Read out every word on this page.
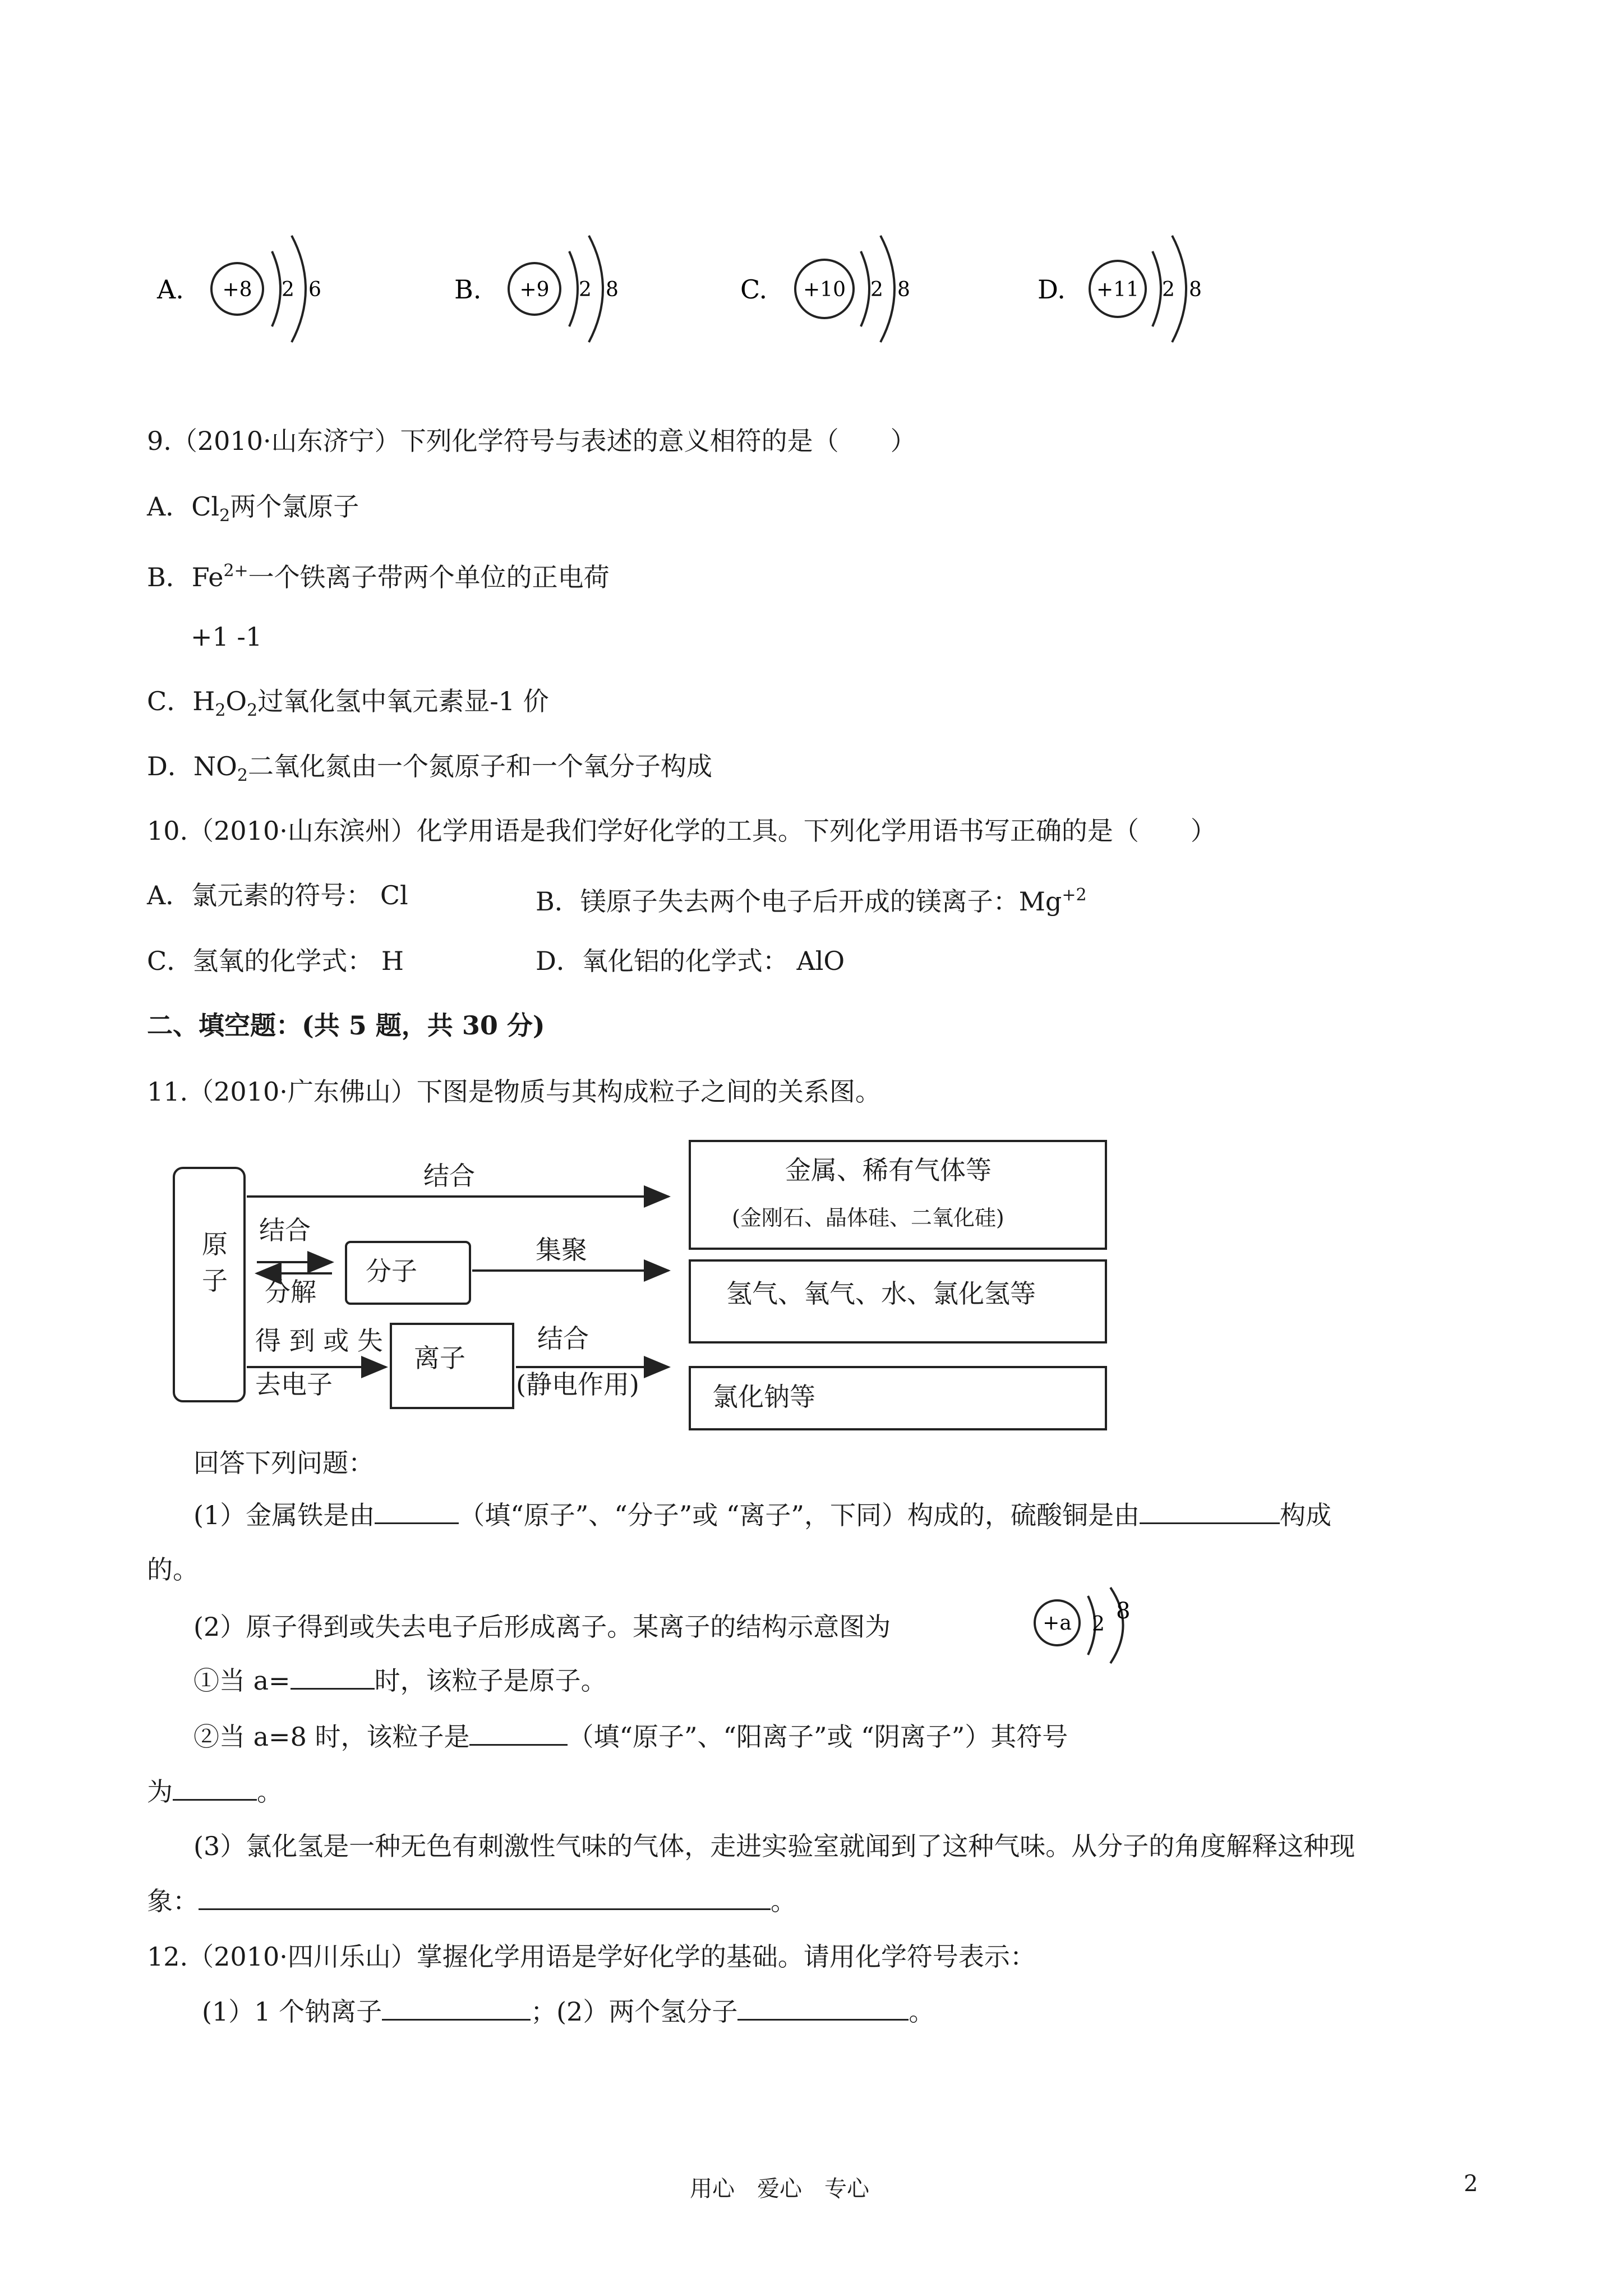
A. +8 2 6	B. +9 2 8	C. +10 2 8	D. +11 2 8
9.（2010·山东济宁）下列化学符号与表述的意义相符的是（　　）
A．$Cl_2$两个氯原子
B．$Fe^{2+}$一个铁离子带两个单位的正电荷
+1 -1
C．$H_2O_2$过氧化氢中氧元素显-1 价
D．$NO_2$二氧化氮由一个氮原子和一个氧分子构成
10.（2010·山东滨州）化学用语是我们学好化学的工具。下列化学用语书写正确的是（　　）
A．氯元素的符号： Cl	B．镁原子失去两个电子后开成的镁离子：$Mg^{+2}$
C．氢氧的化学式： H	D．氧化铝的化学式： AlO
二、填空题：(共 5 题，共 30 分)
11.（2010·广东佛山）下图是物质与其构成粒子之间的关系图。
原
子	分子
离子
金属、稀有气体等
(金刚石、晶体硅、二氧化硅)
氢气、氧气、水、氯化氢等
氯化钠等
结合
结合
分解
集聚
得 到 或 失
去电子
结合
(静电作用)
回答下列问题：
(1）金属铁是由	（填“原子”、“分子”或 “离子”，下同）构成的，硫酸铜是由	构成
的。
(2）原子得到或失去电子后形成离子。某离子的结构示意图为	+a 2
8
①当 a=	时，该粒子是原子。
②当 a=8 时，该粒子是	（填“原子”、“阳离子”或 “阴离子”）其符号
为	。
(3）氯化氢是一种无色有刺激性气味的气体，走进实验室就闻到了这种气味。从分子的角度解释这种现
象：	。
12.（2010·四川乐山）掌握化学用语是学好化学的基础。请用化学符号表示：
(1）1 个钠离子	；(2）两个氢分子	。
用心　爱心　专心	2
